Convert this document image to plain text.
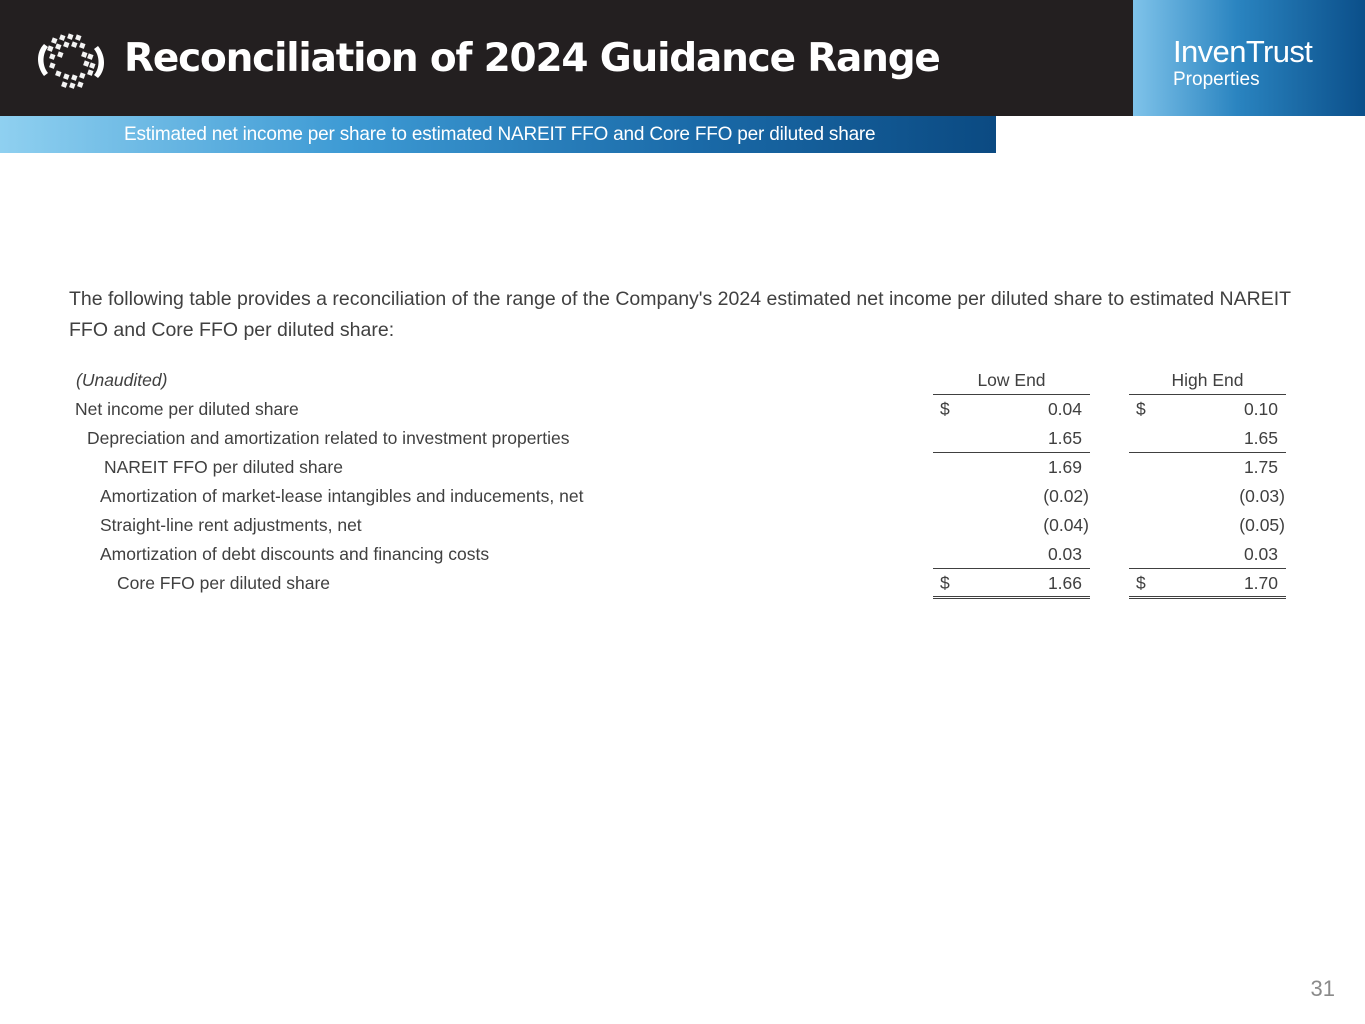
Reconciliation of 2024 Guidance Range	InvenTrust
Properties
Estimated net income per share to estimated NAREIT FFO and Core FFO per diluted share

The following table provides a reconciliation of the range of the Company's 2024 estimated net income per diluted share to estimated NAREIT FFO and Core FFO per diluted share:

(Unaudited)	Low End	High End
Net income per diluted share	$	0.04	$	0.10
Depreciation and amortization related to investment properties	1.65	1.65
NAREIT FFO per diluted share	1.69	1.75
Amortization of market-lease intangibles and inducements, net	(0.02)	(0.03)
Straight-line rent adjustments, net	(0.04)	(0.05)
Amortization of debt discounts and financing costs	0.03	0.03
Core FFO per diluted share	$	1.66	$	1.70
31
